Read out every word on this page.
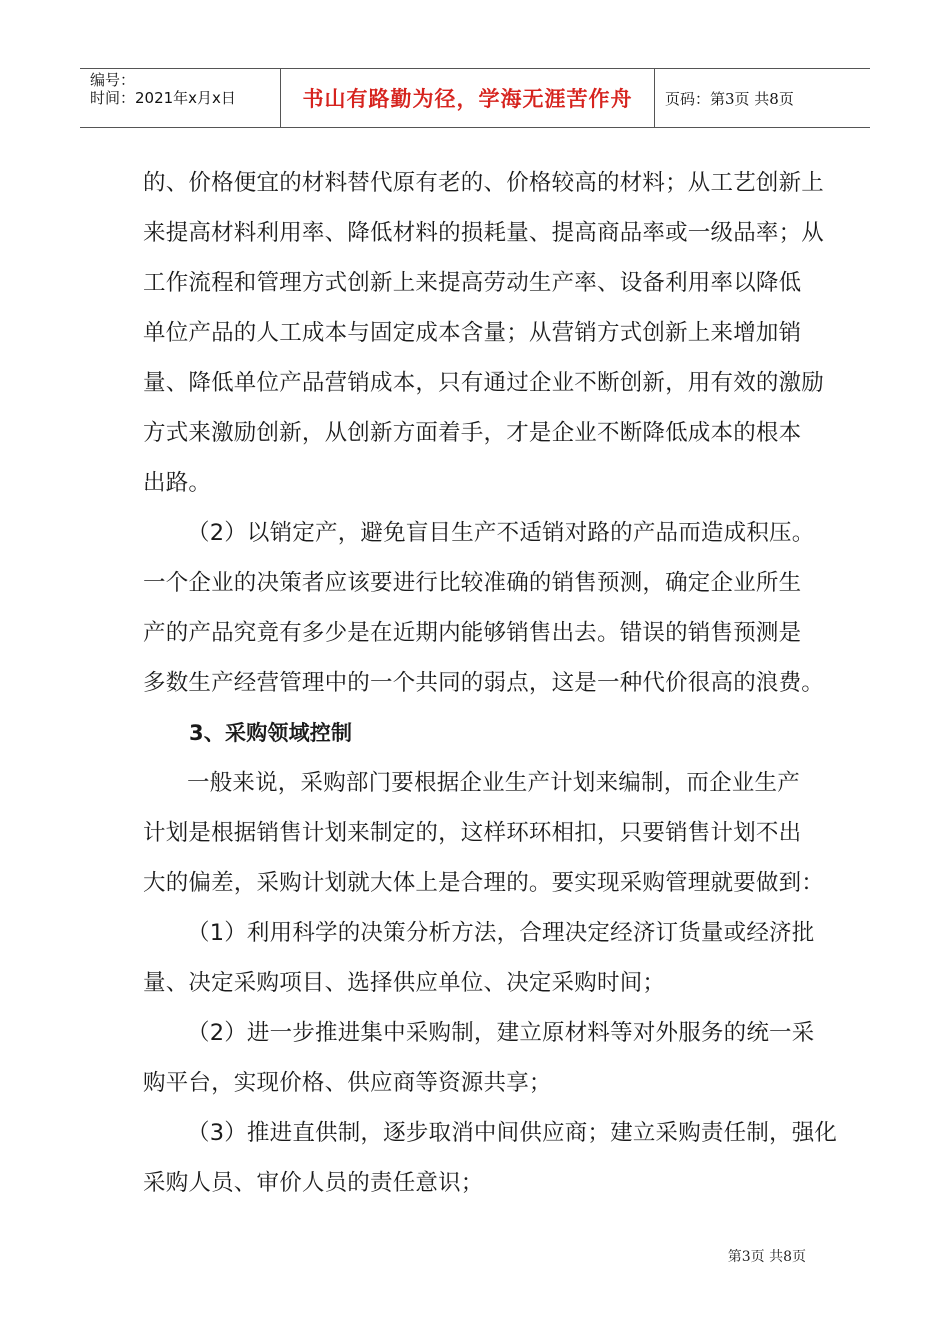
编号：
时间：2021年x月x日	书山有路勤为径，学海无涯苦作舟 页码：第3页 共8页
的、价格便宜的材料替代原有老的、价格较高的材料；从工艺创新上
来提高材料利用率、降低材料的损耗量、提高商品率或一级品率；从
工作流程和管理方式创新上来提高劳动生产率、设备利用率以降低
单位产品的人工成本与固定成本含量；从营销方式创新上来增加销
量、降低单位产品营销成本，只有通过企业不断创新，用有效的激励
方式来激励创新，从创新方面着手，才是企业不断降低成本的根本
出路。
（2）以销定产，避免盲目生产不适销对路的产品而造成积压。
一个企业的决策者应该要进行比较准确的销售预测，确定企业所生
产的产品究竟有多少是在近期内能够销售出去。错误的销售预测是
多数生产经营管理中的一个共同的弱点，这是一种代价很高的浪费。
3、采购领域控制
一般来说，采购部门要根据企业生产计划来编制，而企业生产
计划是根据销售计划来制定的，这样环环相扣，只要销售计划不出
大的偏差，采购计划就大体上是合理的。要实现采购管理就要做到：
（1）利用科学的决策分析方法，合理决定经济订货量或经济批
量、决定采购项目、选择供应单位、决定采购时间；
（2）进一步推进集中采购制，建立原材料等对外服务的统一采
购平台，实现价格、供应商等资源共享；
（3）推进直供制，逐步取消中间供应商；建立采购责任制，强化
采购人员、审价人员的责任意识；
第3页 共8页
